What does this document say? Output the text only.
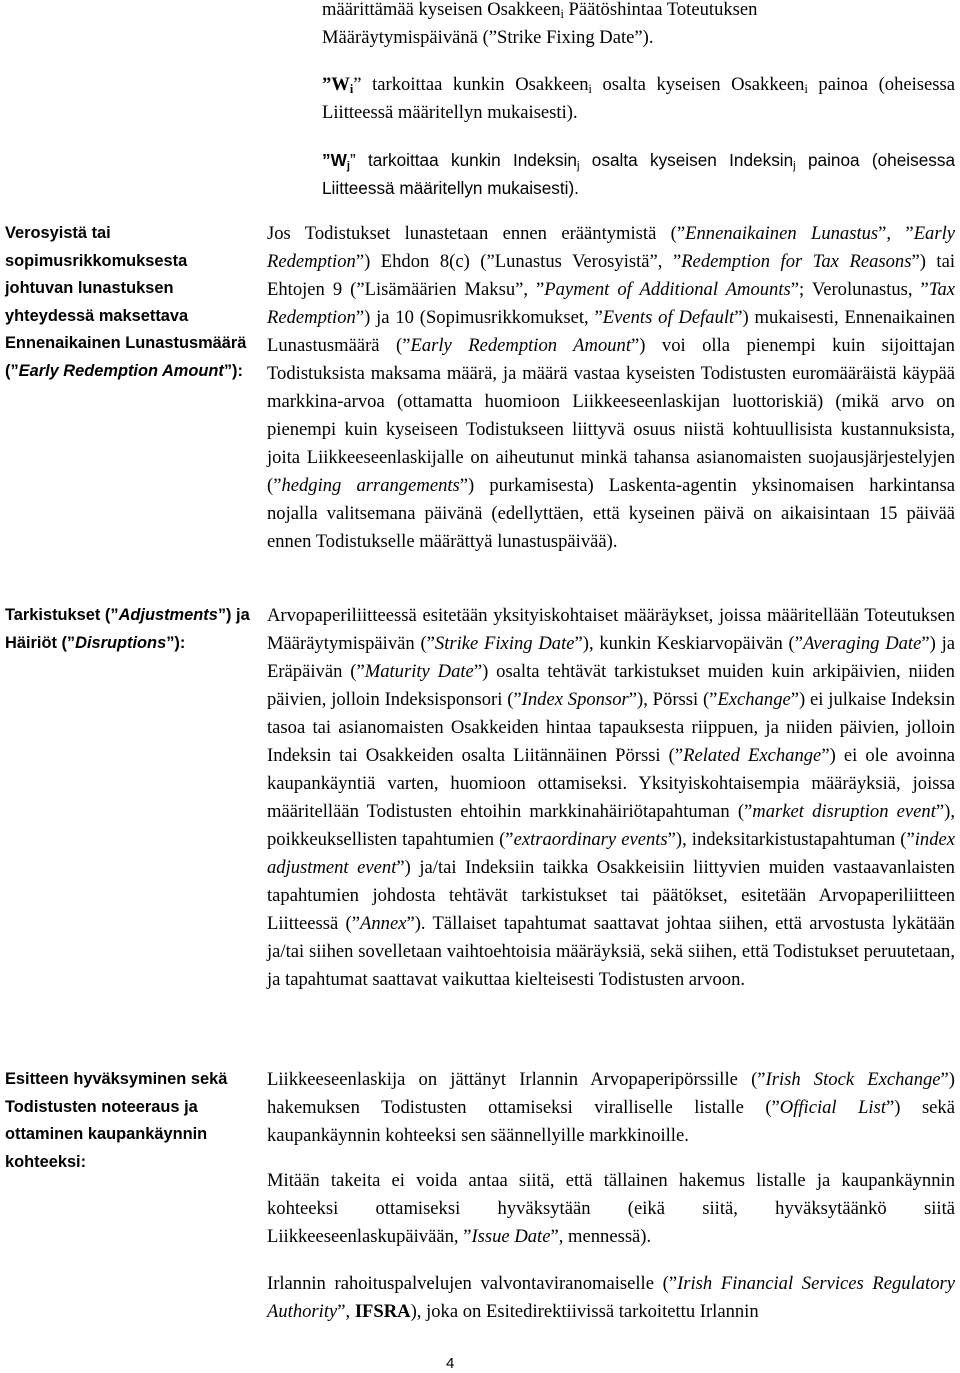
määrittämää kyseisen Osakkeen$_i$ Päätöshintaa Toteutuksen
Määräytymispäivänä (”Strike Fixing Date”).
$”W_i$” tarkoittaa kunkin Osakkeen$_i$ osalta kyseisen Osakkeen$_i$ painoa (oheisessa Liitteessä määritellyn mukaisesti).
$”W_j$” tarkoittaa kunkin Indeksin$_j$ osalta kyseisen Indeksin$_j$ painoa (oheisessa Liitteessä määritellyn mukaisesti).

Verosyistä tai sopimusrikkomuksesta johtuvan lunastuksen yhteydessä maksettava Ennenaikainen Lunastusmäärä (”Early Redemption Amount”):

Jos Todistukset lunastetaan ennen erääntymistä (”Ennenaikainen Lunastus”, ”Early Redemption”) Ehdon 8(c) (”Lunastus Verosyistä”, ”Redemption for Tax Reasons”) tai Ehtojen 9 (”Lisämäärien Maksu”, ”Payment of Additional Amounts”; Verolunastus, ”Tax Redemption”) ja 10 (Sopimusrikkomukset, ”Events of Default”) mukaisesti, Ennenaikainen Lunastusmäärä (”Early Redemption Amount”) voi olla pienempi kuin sijoittajan Todistuksista maksama määrä, ja määrä vastaa kyseisten Todistusten euromääräistä käypää markkina-arvoa (ottamatta huomioon Liikkeeseenlaskijan luottoriskiä) (mikä arvo on pienempi kuin kyseiseen Todistukseen liittyvä osuus niistä kohtuullisista kustannuksista, joita Liikkeeseenlaskijalle on aiheutunut minkä tahansa asianomaisten suojausjärjestelyjen (”hedging arrangements”) purkamisesta) Laskenta-agentin yksinomaisen harkintansa nojalla valitsemana päivänä (edellyttäen, että kyseinen päivä on aikaisintaan 15 päivää ennen Todistukselle määrättyä lunastuspäivää).

Tarkistukset (”Adjustments”) ja Häiriöt (”Disruptions”):

Arvopaperiliitteessä esitetään yksityiskohtaiset määräykset, joissa määritellään Toteutuksen Määräytymispäivän (”Strike Fixing Date”), kunkin Keskiarvopäivän (”Averaging Date”) ja Eräpäivän (”Maturity Date”) osalta tehtävät tarkistukset muiden kuin arkipäivien, niiden päivien, jolloin Indeksisponsori (”Index Sponsor”), Pörssi (”Exchange”) ei julkaise Indeksin tasoa tai asianomaisten Osakkeiden hintaa tapauksesta riippuen, ja niiden päivien, jolloin Indeksin tai Osakkeiden osalta Liitännäinen Pörssi (”Related Exchange”) ei ole avoinna kaupankäyntiä varten, huomioon ottamiseksi. Yksityiskohtaisempia määräyksiä, joissa määritellään Todistusten ehtoihin markkinahäiriötapahtuman (”market disruption event”), poikkeuksellisten tapahtumien (”extraordinary events”), indeksitarkistustapahtuman (”index adjustment event”) ja/tai Indeksiin taikka Osakkeisiin liittyvien muiden vastaavanlaisten tapahtumien johdosta tehtävät tarkistukset tai päätökset, esitetään Arvopaperiliitteen Liitteessä (”Annex”). Tällaiset tapahtumat saattavat johtaa siihen, että arvostusta lykätään ja/tai siihen sovelletaan vaihtoehtoisia määräyksiä, sekä siihen, että Todistukset peruutetaan, ja tapahtumat saattavat vaikuttaa kielteisesti Todistusten arvoon.

Esitteen hyväksyminen sekä Todistusten noteeraus ja ottaminen kaupankäynnin kohteeksi:

Liikkeeseenlaskija on jättänyt Irlannin Arvopaperipörssille (”Irish Stock Exchange”) hakemuksen Todistusten ottamiseksi viralliselle listalle (”Official List”) sekä kaupankäynnin kohteeksi sen säännellyille markkinoille.
Mitään takeita ei voida antaa siitä, että tällainen hakemus listalle ja kaupankäynnin kohteeksi ottamiseksi hyväksytään (eikä siitä, hyväksytäänkö siitä Liikkeeseenlaskupäivään, ”Issue Date”, mennessä).
Irlannin rahoituspalvelujen valvontaviranomaiselle (”Irish Financial Services Regulatory Authority”, IFSRA), joka on Esitedirektiivissä tarkoitettu Irlannin
4
